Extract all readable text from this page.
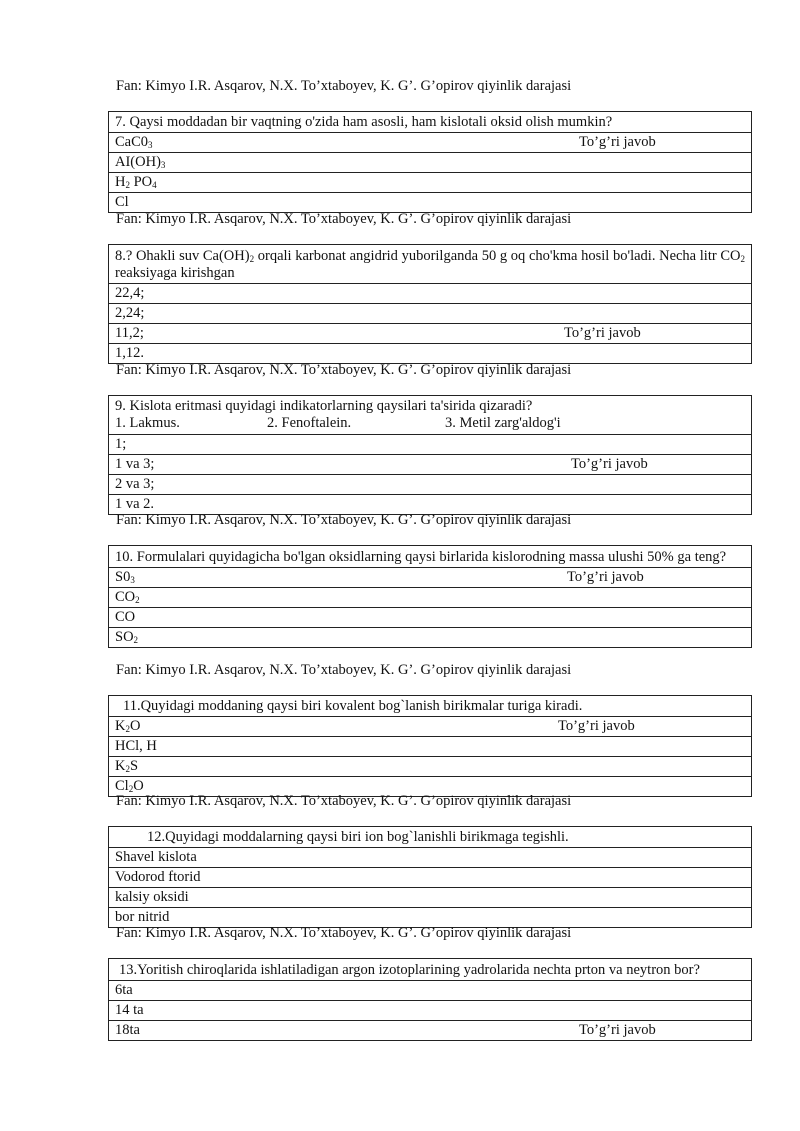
Fan: Kimyo I.R. Asqarov, N.X. To’xtaboyev, K. G’. G’opirov qiyinlik darajasi
7. Qaysi moddadan bir vaqtning o'zida ham asosli, ham kislotali oksid olish mumkin?
$CaC0_3$	To’g’ri javob
$AI(OH)_3$
$H_2$ $PO_4$
Cl
Fan: Kimyo I.R. Asqarov, N.X. To’xtaboyev, K. G’. G’opirov qiyinlik darajasi
8.? Ohakli suv $Ca(OH)_2$ orqali karbonat angidrid yuborilganda 50 g oq cho'kma hosil bo'ladi. Necha litr $CO_2$ reaksiyaga kirishgan
22,4;
2,24;
11,2;	To’g’ri javob
1,12.
Fan: Kimyo I.R. Asqarov, N.X. To’xtaboyev, K. G’. G’opirov qiyinlik darajasi
9. Kislota eritmasi quyidagi indikatorlarning qaysilari ta'sirida qizaradi?
1. Lakmus.	2. Fenoftalein.	3. Metil zarg'aldog'i
1;
1 va 3;	To’g’ri javob
2 va 3;
1 va 2.
Fan: Kimyo I.R. Asqarov, N.X. To’xtaboyev, K. G’. G’opirov qiyinlik darajasi
10. Formulalari quyidagicha bo'lgan oksidlarning qaysi birlarida kislorodning massa ulushi 50% ga teng?
$S0_3$	To’g’ri javob
$CO_2$
CO
$SO_2$
Fan: Kimyo I.R. Asqarov, N.X. To’xtaboyev, K. G’. G’opirov qiyinlik darajasi
11.Quyidagi moddaning qaysi biri kovalent bog`lanish birikmalar turiga kiradi.
$K_2O$	To’g’ri javob
HCl, H
$K_2S$
$Cl_2O$
Fan: Kimyo I.R. Asqarov, N.X. To’xtaboyev, K. G’. G’opirov qiyinlik darajasi
12.Quyidagi moddalarning qaysi biri ion bog`lanishli birikmaga tegishli.
Shavel kislota
Vodorod ftorid
kalsiy oksidi
bor nitrid
Fan: Kimyo I.R. Asqarov, N.X. To’xtaboyev, K. G’. G’opirov qiyinlik darajasi
13.Yoritish chiroqlarida ishlatiladigan argon izotoplarining yadrolarida nechta prton va neytron bor?
6ta
14 ta
18ta	To’g’ri javob
